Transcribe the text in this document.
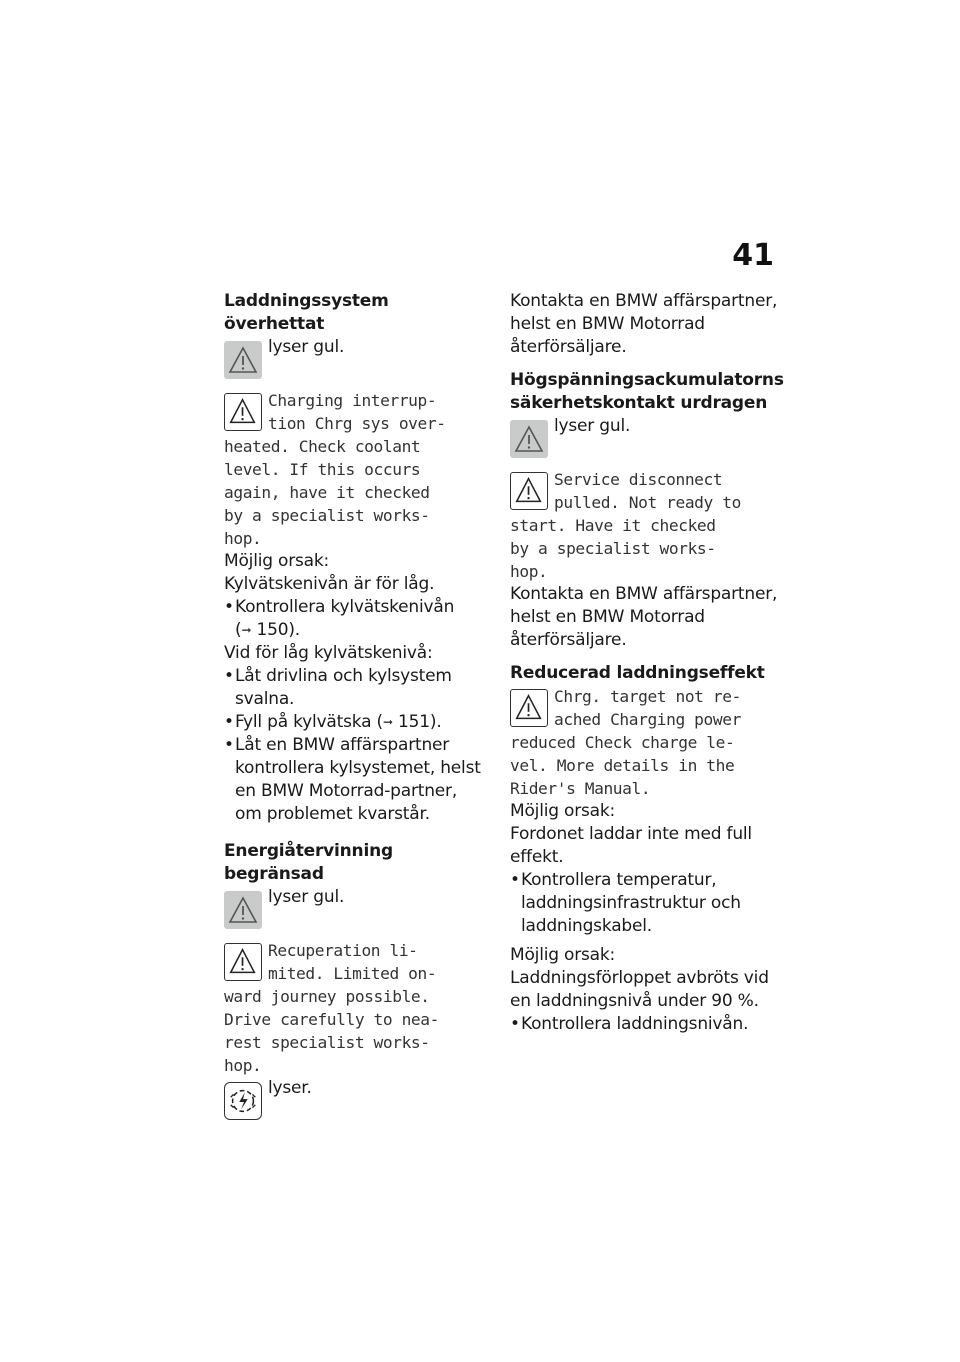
41
Laddningssystem överhettat
lyser gul.
Charging interrup-
tion Chrg sys over-
heated. Check coolant
level. If this occurs
again, have it checked
by a specialist works-
hop.

Möjlig orsak:

Kylvätskenivån är för låg.

• Kontrollera kylvätskenivån
(➞ 150).

Vid för låg kylvätskenivå:

• Låt drivlina och kylsystem svalna.
• Fyll på kylvätska (➞ 151).
• Låt en BMW affärspartner kontrollera kylsystemet, helst en BMW Motorrad-partner, om problemet kvarstår.
Energiåtervinning begränsad
lyser gul.
Recuperation li-
mited. Limited on-
ward journey possible.
Drive carefully to nea-
rest specialist works-
hop.
lyser.

Kontakta en BMW affärspartner, helst en BMW Motorrad återförsäljare.

Högspänningsackumulatorns säkerhetskontakt urdragen
lyser gul.
Service disconnect
pulled. Not ready to
start. Have it checked
by a specialist works-
hop.

Kontakta en BMW affärspartner, helst en BMW Motorrad återförsäljare.

Reducerad laddningseffekt
Chrg. target not re-
ached Charging power
reduced Check charge le-
vel. More details in the
Rider's Manual.

Möjlig orsak:

Fordonet laddar inte med full effekt.

• Kontrollera temperatur, laddningsinfrastruktur och laddningskabel.

Möjlig orsak:

Laddningsförloppet avbröts vid en laddningsnivå under 90 %.

• Kontrollera laddningsnivån.
